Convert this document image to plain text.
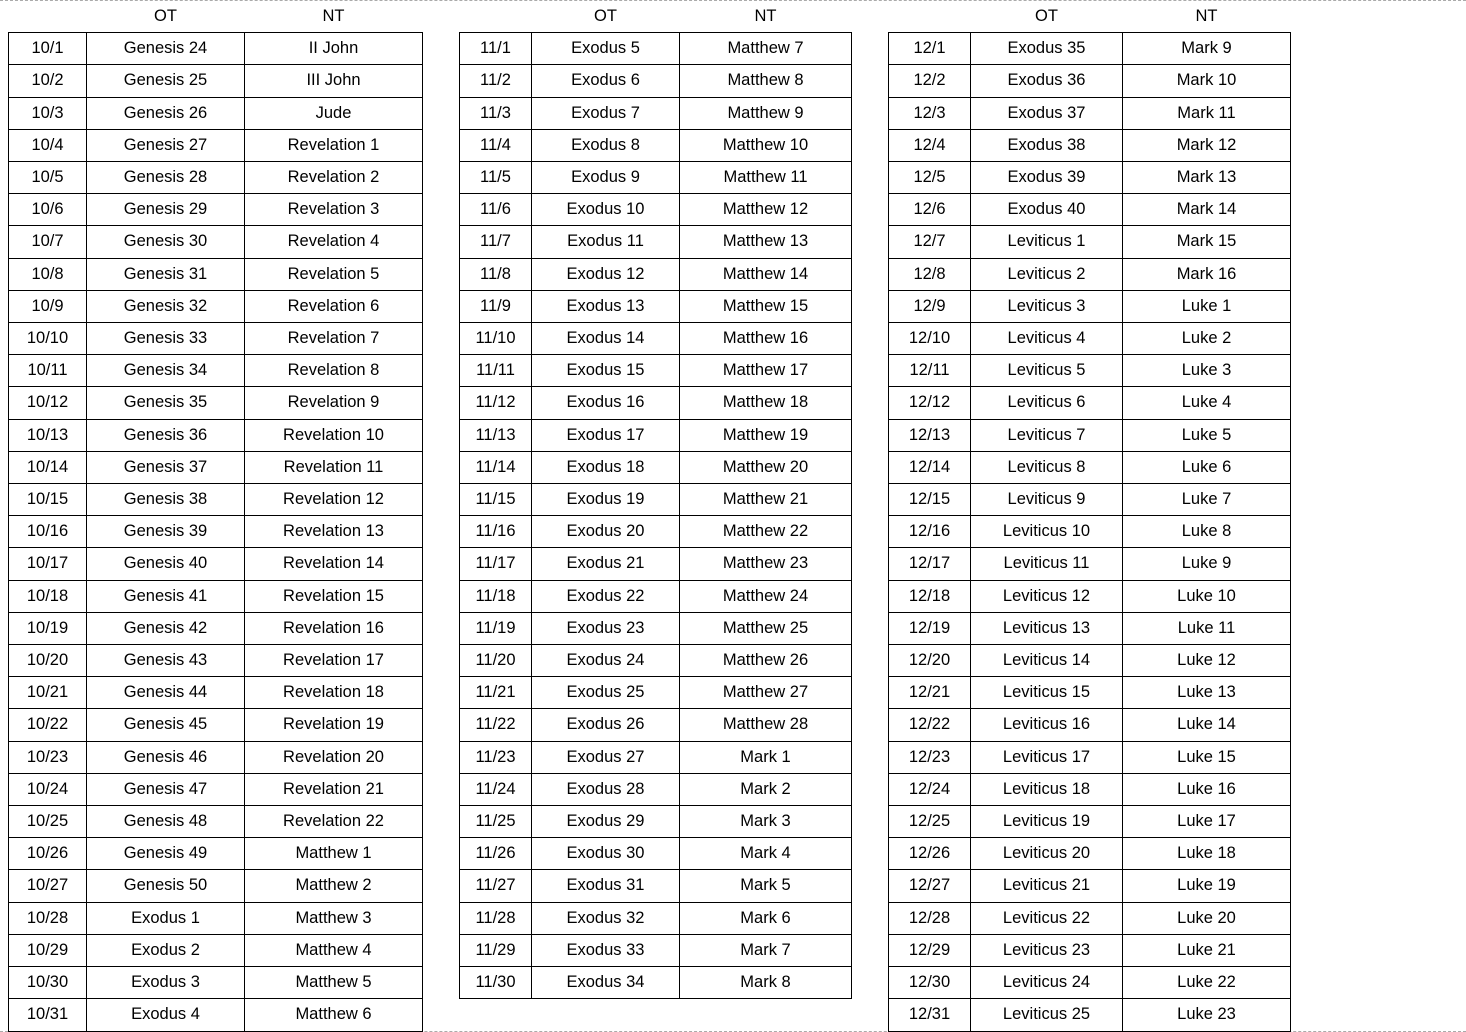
	OT	NT
10/1	Genesis 24	II John
10/2	Genesis 25	III John
10/3	Genesis 26	Jude
10/4	Genesis 27	Revelation 1
10/5	Genesis 28	Revelation 2
10/6	Genesis 29	Revelation 3
10/7	Genesis 30	Revelation 4
10/8	Genesis 31	Revelation 5
10/9	Genesis 32	Revelation 6
10/10	Genesis 33	Revelation 7
10/11	Genesis 34	Revelation 8
10/12	Genesis 35	Revelation 9
10/13	Genesis 36	Revelation 10
10/14	Genesis 37	Revelation 11
10/15	Genesis 38	Revelation 12
10/16	Genesis 39	Revelation 13
10/17	Genesis 40	Revelation 14
10/18	Genesis 41	Revelation 15
10/19	Genesis 42	Revelation 16
10/20	Genesis 43	Revelation 17
10/21	Genesis 44	Revelation 18
10/22	Genesis 45	Revelation 19
10/23	Genesis 46	Revelation 20
10/24	Genesis 47	Revelation 21
10/25	Genesis 48	Revelation 22
10/26	Genesis 49	Matthew 1
10/27	Genesis 50	Matthew 2
10/28	Exodus 1	Matthew 3
10/29	Exodus 2	Matthew 4
10/30	Exodus 3	Matthew 5
10/31	Exodus 4	Matthew 6
	OT	NT
11/1	Exodus 5	Matthew 7
11/2	Exodus 6	Matthew 8
11/3	Exodus 7	Matthew 9
11/4	Exodus 8	Matthew 10
11/5	Exodus 9	Matthew 11
11/6	Exodus 10	Matthew 12
11/7	Exodus 11	Matthew 13
11/8	Exodus 12	Matthew 14
11/9	Exodus 13	Matthew 15
11/10	Exodus 14	Matthew 16
11/11	Exodus 15	Matthew 17
11/12	Exodus 16	Matthew 18
11/13	Exodus 17	Matthew 19
11/14	Exodus 18	Matthew 20
11/15	Exodus 19	Matthew 21
11/16	Exodus 20	Matthew 22
11/17	Exodus 21	Matthew 23
11/18	Exodus 22	Matthew 24
11/19	Exodus 23	Matthew 25
11/20	Exodus 24	Matthew 26
11/21	Exodus 25	Matthew 27
11/22	Exodus 26	Matthew 28
11/23	Exodus 27	Mark 1
11/24	Exodus 28	Mark 2
11/25	Exodus 29	Mark 3
11/26	Exodus 30	Mark 4
11/27	Exodus 31	Mark 5
11/28	Exodus 32	Mark 6
11/29	Exodus 33	Mark 7
11/30	Exodus 34	Mark 8
	OT	NT
12/1	Exodus 35	Mark 9
12/2	Exodus 36	Mark 10
12/3	Exodus 37	Mark 11
12/4	Exodus 38	Mark 12
12/5	Exodus 39	Mark 13
12/6	Exodus 40	Mark 14
12/7	Leviticus 1	Mark 15
12/8	Leviticus 2	Mark 16
12/9	Leviticus 3	Luke 1
12/10	Leviticus 4	Luke 2
12/11	Leviticus 5	Luke 3
12/12	Leviticus 6	Luke 4
12/13	Leviticus 7	Luke 5
12/14	Leviticus 8	Luke 6
12/15	Leviticus 9	Luke 7
12/16	Leviticus 10	Luke 8
12/17	Leviticus 11	Luke 9
12/18	Leviticus 12	Luke 10
12/19	Leviticus 13	Luke 11
12/20	Leviticus 14	Luke 12
12/21	Leviticus 15	Luke 13
12/22	Leviticus 16	Luke 14
12/23	Leviticus 17	Luke 15
12/24	Leviticus 18	Luke 16
12/25	Leviticus 19	Luke 17
12/26	Leviticus 20	Luke 18
12/27	Leviticus 21	Luke 19
12/28	Leviticus 22	Luke 20
12/29	Leviticus 23	Luke 21
12/30	Leviticus 24	Luke 22
12/31	Leviticus 25	Luke 23
